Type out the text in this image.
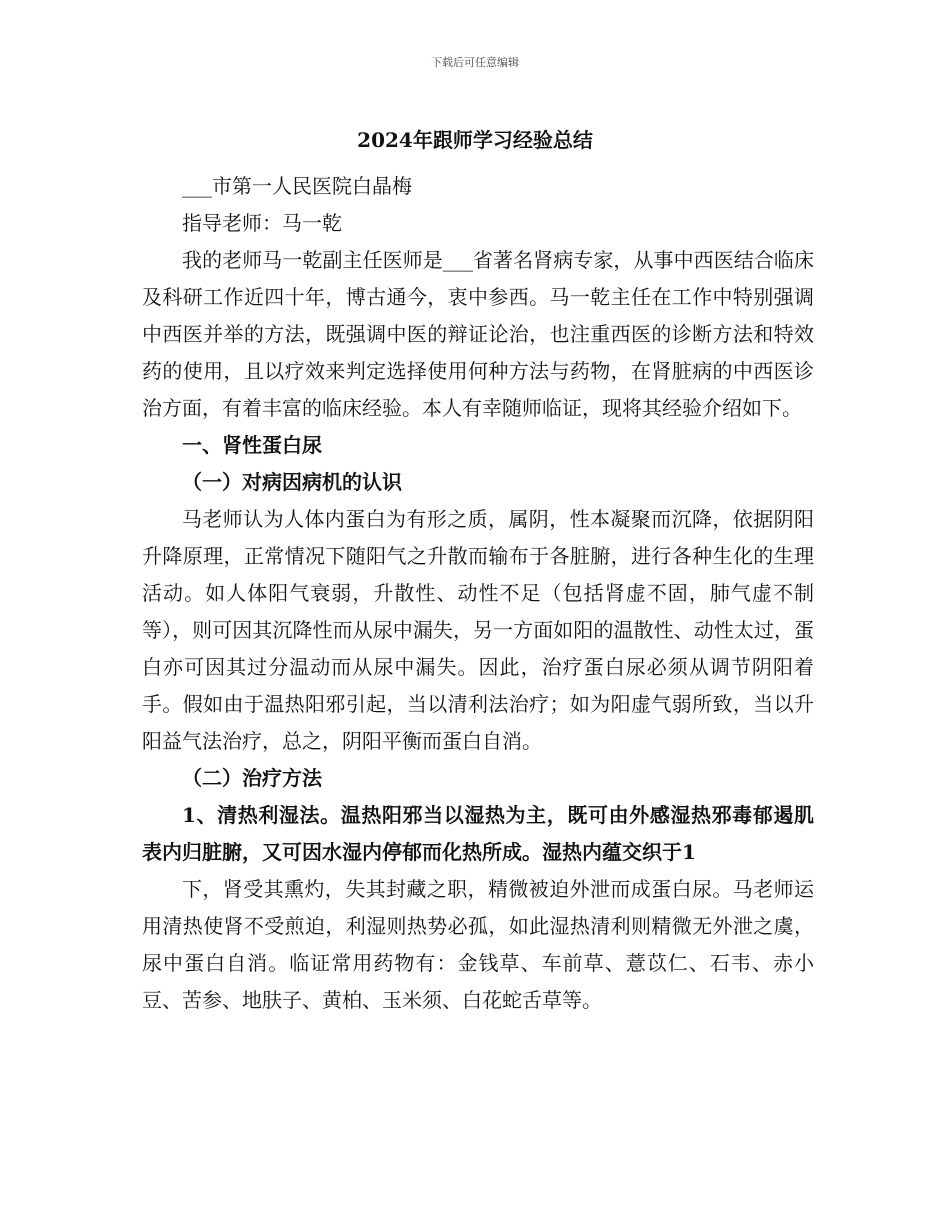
下载后可任意编辑
2024年跟师学习经验总结

___市第一人民医院白晶梅

指导老师：马一乾

我的老师马一乾副主任医师是___省著名肾病专家，从事中西医结合临床及科研工作近四十年，博古通今，衷中参西。马一乾主任在工作中特别强调中西医并举的方法，既强调中医的辩证论治，也注重西医的诊断方法和特效药的使用，且以疗效来判定选择使用何种方法与药物，在肾脏病的中西医诊治方面，有着丰富的临床经验。本人有幸随师临证，现将其经验介绍如下。

一、肾性蛋白尿

（一）对病因病机的认识

马老师认为人体内蛋白为有形之质，属阴，性本凝聚而沉降，依据阴阳升降原理，正常情况下随阳气之升散而输布于各脏腑，进行各种生化的生理活动。如人体阳气衰弱，升散性、动性不足（包括肾虚不固，肺气虚不制等），则可因其沉降性而从尿中漏失，另一方面如阳的温散性、动性太过，蛋白亦可因其过分温动而从尿中漏失。因此，治疗蛋白尿必须从调节阴阳着手。假如由于温热阳邪引起，当以清利法治疗；如为阳虚气弱所致，当以升阳益气法治疗，总之，阴阳平衡而蛋白自消。

（二）治疗方法

1、清热利湿法。温热阳邪当以湿热为主，既可由外感湿热邪毒郁遏肌表内归脏腑，又可因水湿内停郁而化热所成。湿热内蕴交织于1

下，肾受其熏灼，失其封藏之职，精微被迫外泄而成蛋白尿。马老师运用清热使肾不受煎迫，利湿则热势必孤，如此湿热清利则精微无外泄之虞，尿中蛋白自消。临证常用药物有：金钱草、车前草、薏苡仁、石韦、赤小豆、苦参、地肤子、黄柏、玉米须、白花蛇舌草等。
